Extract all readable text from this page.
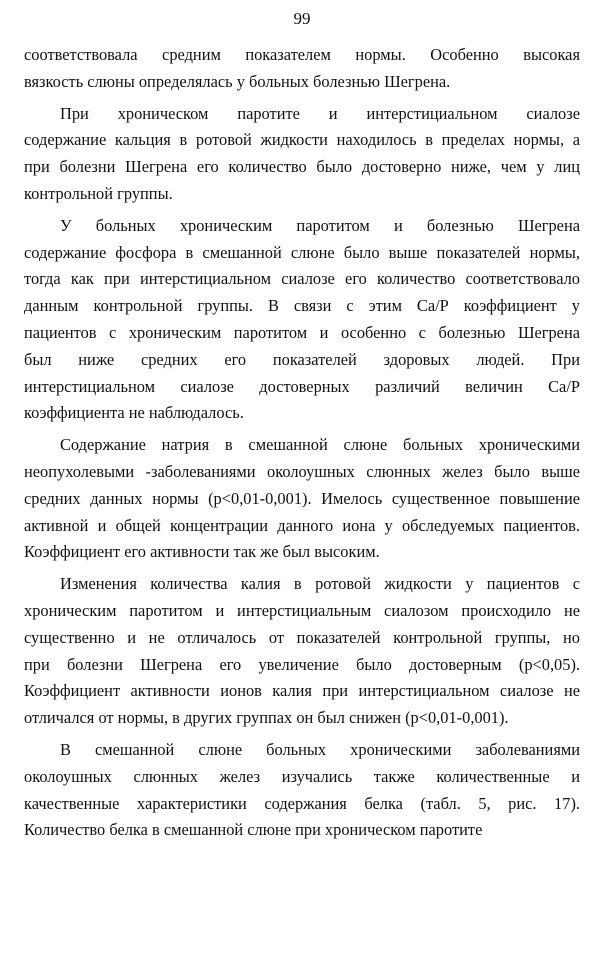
99

соответствовала средним показателем нормы. Особенно высокая
вязкость слюны определялась у больных болезнью Шегрена.

При хроническом паротите и интерстициальном сиалозе
содержание кальция в ротовой жидкости находилось в пределах нормы, а
при болезни Шегрена его количество было достоверно ниже, чем у лиц
контрольной группы.

У больных хроническим паротитом и болезнью Шегрена
содержание фосфора в смешанной слюне было выше показателей нормы,
тогда как при интерстициальном сиалозе его количество соответствовало
данным контрольной группы. В связи с этим Са/Р коэффициент у
пациентов с хроническим паротитом и особенно с болезнью Шегрена
был ниже средних его показателей здоровых людей. При
интерстициальном сиалозе достоверных различий величин Са/Р
коэффициента не наблюдалось.

Содержание натрия в смешанной слюне больных хроническими
неопухолевыми -заболеваниями околоушных слюнных желез было выше
средних данных нормы (р<0,01-0,001). Имелось существенное повышение
активной и общей концентрации данного иона у обследуемых пациентов.
Коэффициент его активности так же был высоким.

Изменения количества калия в ротовой жидкости у пациентов с
хроническим паротитом и интерстициальным сиалозом происходило не
существенно и не отличалось от показателей контрольной группы, но
при болезни Шегрена его увеличение было достоверным (р<0,05).
Коэффициент активности ионов калия при интерстициальном сиалозе не
отличался от нормы, в других группах он был снижен (р<0,01-0,001).

В смешанной слюне больных хроническими заболеваниями
околоушных слюнных желез изучались также количественные и
качественные характеристики содержания белка (табл. 5, рис. 17).
Количество белка в смешанной слюне при хроническом паротите
